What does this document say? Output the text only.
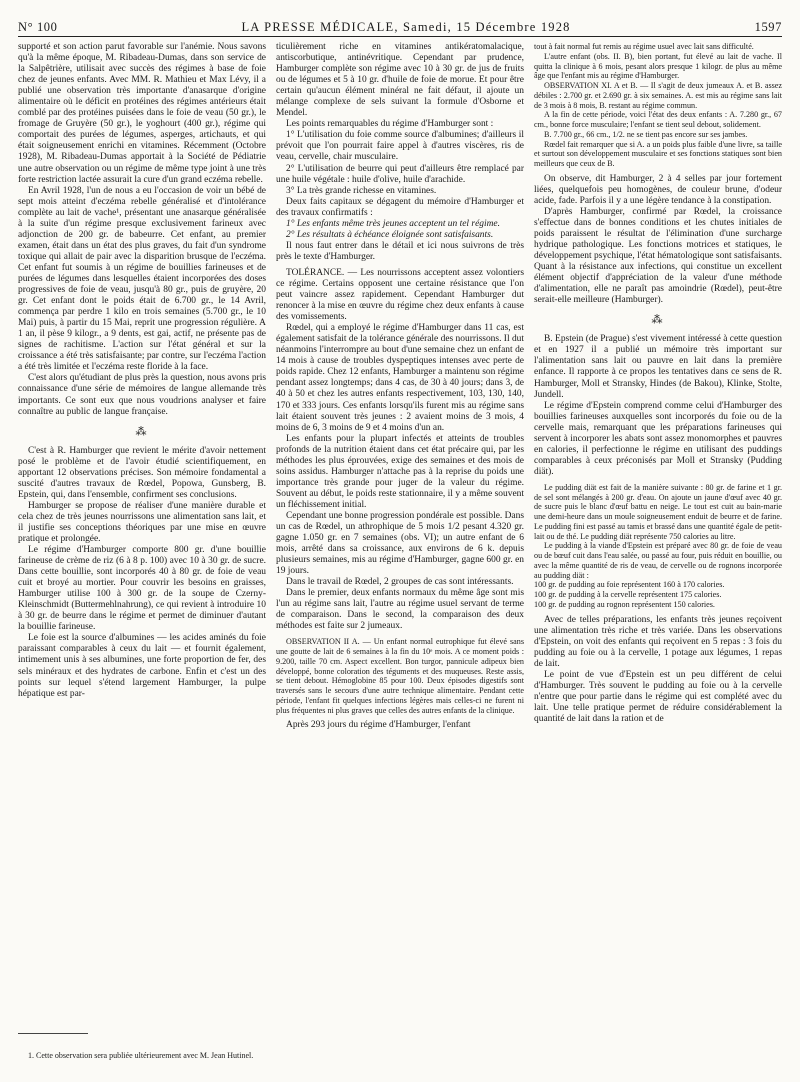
N° 100	LA PRESSE MÉDICALE, Samedi, 15 Décembre 1928	1597

supporté et son action parut favorable sur l'anémie. Nous savons qu'à la même époque, M. Ribadeau-Dumas, dans son service de la Salpêtrière, utilisait avec succès des régimes à base de foie chez de jeunes enfants. Avec MM. R. Mathieu et Max Lévy, il a publié une observation très importante d'anasarque d'origine alimentaire où le déficit en protéines des régimes antérieurs était comblé par des protéines puisées dans le foie de veau (50 gr.), le fromage de Gruyère (50 gr.), le yoghourt (400 gr.), régime qui comportait des purées de légumes, asperges, artichauts, et qui était soigneusement enrichi en vitamines. Récemment (Octobre 1928), M. Ribadeau-Dumas apportait à la Société de Pédiatrie une autre observation ou un régime de même type joint à une très forte restriction lactée assurait la cure d'un grand eczéma rebelle.

En Avril 1928, l'un de nous a eu l'occasion de voir un bébé de sept mois atteint d'eczéma rebelle généralisé et d'intolérance complète au lait de vache¹, présentant une anasarque généralisée à la suite d'un régime presque exclusivement farineux avec adjonction de 200 gr. de babeurre. Cet enfant, au premier examen, était dans un état des plus graves, du fait d'un syndrome toxique qui allait de pair avec la disparition brusque de l'eczéma. Cet enfant fut soumis à un régime de bouillies farineuses et de purées de légumes dans lesquelles étaient incorporées des doses progressives de foie de veau, jusqu'à 80 gr., puis de gruyère, 20 gr. Cet enfant dont le poids était de 6.700 gr., le 14 Avril, commença par perdre 1 kilo en trois semaines (5.700 gr., le 10 Mai) puis, à partir du 15 Mai, reprit une progression régulière. A 1 an, il pèse 9 kilogr., a 9 dents, est gai, actif, ne présente pas de signes de rachitisme. L'action sur l'état général et sur la croissance a été très satisfaisante; par contre, sur l'eczéma l'action a été très limitée et l'eczéma reste floride à la face.

C'est alors qu'étudiant de plus près la question, nous avons pris connaissance d'une série de mémoires de langue allemande très importants. Ce sont eux que nous voudrions analyser et faire connaître au public de langue française.

⁂

C'est à R. Hamburger que revient le mérite d'avoir nettement posé le problème et de l'avoir étudié scientifiquement, en apportant 12 observations précises. Son mémoire fondamental a suscité d'autres travaux de Rœdel, Popowa, Gunsberg, B. Epstein, qui, dans l'ensemble, confirment ses conclusions.

Hamburger se propose de réaliser d'une manière durable et cela chez de très jeunes nourrissons une alimentation sans lait, et il justifie ses conceptions théoriques par une mise en œuvre pratique et prolongée.

Le régime d'Hamburger comporte 800 gr. d'une bouillie farineuse de crème de riz (6 à 8 p. 100) avec 10 à 30 gr. de sucre. Dans cette bouillie, sont incorporés 40 à 80 gr. de foie de veau cuit et broyé au mortier. Pour couvrir les besoins en graisses, Hamburger utilise 100 à 300 gr. de la soupe de Czerny-Kleinschmidt (Buttermehlnahrung), ce qui revient à introduire 10 à 30 gr. de beurre dans le régime et permet de diminuer d'autant la bouillie farineuse.

Le foie est la source d'albumines — les acides aminés du foie paraissant comparables à ceux du lait — et fournit également, intimement unis à ses albumines, une forte proportion de fer, des sels minéraux et des hydrates de carbone. Enfin et c'est un des points sur lequel s'étend largement Hamburger, la pulpe hépatique est par-

1. Cette observation sera publiée ultérieurement avec M. Jean Hutinel.

ticulièrement riche en vitamines antikératomalacique, antiscorbutique, antinévritique. Cependant par prudence, Hamburger complète son régime avec 10 à 30 gr. de jus de fruits ou de légumes et 5 à 10 gr. d'huile de foie de morue. Et pour être certain qu'aucun élément minéral ne fait défaut, il ajoute un mélange complexe de sels suivant la formule d'Osborne et Mendel.

Les points remarquables du régime d'Hamburger sont :

1° L'utilisation du foie comme source d'albumines; d'ailleurs il prévoit que l'on pourrait faire appel à d'autres viscères, ris de veau, cervelle, chair musculaire.

2° L'utilisation de beurre qui peut d'ailleurs être remplacé par une huile végétale : huile d'olive, huile d'arachide.

3° La très grande richesse en vitamines.

Deux faits capitaux se dégagent du mémoire d'Hamburger et des travaux confirmatifs :

1° Les enfants même très jeunes acceptent un tel régime.

2° Les résultats à échéance éloignée sont satisfaisants.

Il nous faut entrer dans le détail et ici nous suivrons de très près le texte d'Hamburger.

TOLÉRANCE. — Les nourrissons acceptent assez volontiers ce régime. Certains opposent une certaine résistance que l'on peut vaincre assez rapidement. Cependant Hamburger dut renoncer à la mise en œuvre du régime chez deux enfants à cause des vomissements.

Rœdel, qui a employé le régime d'Hamburger dans 11 cas, est également satisfait de la tolérance générale des nourrissons. Il dut néanmoins l'interrompre au bout d'une semaine chez un enfant de 14 mois à cause de troubles dyspeptiques intenses avec perte de poids rapide. Chez 12 enfants, Hamburger a maintenu son régime pendant assez longtemps; dans 4 cas, de 30 à 40 jours; dans 3, de 40 à 50 et chez les autres enfants respectivement, 103, 130, 140, 170 et 333 jours. Ces enfants lorsqu'ils furent mis au régime sans lait étaient souvent très jeunes : 2 avaient moins de 3 mois, 4 moins de 6, 3 moins de 9 et 4 moins d'un an.

Les enfants pour la plupart infectés et atteints de troubles profonds de la nutrition étaient dans cet état précaire qui, par les méthodes les plus éprouvées, exige des semaines et des mois de soins assidus. Hamburger n'attache pas à la reprise du poids une importance très grande pour juger de la valeur du régime. Souvent au début, le poids reste stationnaire, il y a même souvent un fléchissement initial.

Cependant une bonne progression pondérale est possible. Dans un cas de Rœdel, un athrophique de 5 mois 1/2 pesant 4.320 gr. gagne 1.050 gr. en 7 semaines (obs. VI); un autre enfant de 6 mois, arrêté dans sa croissance, aux environs de 6 k. depuis plusieurs semaines, mis au régime d'Hamburger, gagne 600 gr. en 19 jours.

Dans le travail de Rœdel, 2 groupes de cas sont intéressants.

Dans le premier, deux enfants normaux du même âge sont mis l'un au régime sans lait, l'autre au régime usuel servant de terme de comparaison. Dans le second, la comparaison des deux méthodes est faite sur 2 jumeaux.

OBSERVATION II A. — Un enfant normal eutrophique fut élevé sans une goutte de lait de 6 semaines à la fin du 10ᵉ mois. A ce moment poids : 9.200, taille 70 cm. Aspect excellent. Bon turgor, pannicule adipeux bien développé, bonne coloration des téguments et des muqueuses. Reste assis, se tient debout. Hémoglobine 85 pour 100. Deux épisodes digestifs sont traversés sans le secours d'une autre technique alimentaire. Pendant cette période, l'enfant fit quelques infections légères mais celles-ci ne furent ni plus fréquentes ni plus graves que celles des autres enfants de la clinique.

Après 293 jours du régime d'Hamburger, l'enfant

tout à fait normal fut remis au régime usuel avec lait sans difficulté.

L'autre enfant (obs. II. B), bien portant, fut élevé au lait de vache. Il quitta la clinique à 6 mois, pesant alors presque 1 kilogr. de plus au même âge que l'enfant mis au régime d'Hamburger.

OBSERVATION XI. A et B. — Il s'agit de deux jumeaux A. et B. assez débiles : 2.700 gr. et 2.690 gr. à six semaines. A. est mis au régime sans lait de 3 mois à 8 mois, B. restant au régime commun.

A la fin de cette période, voici l'état des deux enfants : A. 7.280 gr., 67 cm., bonne force musculaire; l'enfant se tient seul debout, solidement.

B. 7.700 gr., 66 cm., 1/2. ne se tient pas encore sur ses jambes.

Rœdel fait remarquer que si A. a un poids plus faible d'une livre, sa taille et surtout son développement musculaire et ses fonctions statiques sont bien meilleurs que ceux de B.

On observe, dit Hamburger, 2 à 4 selles par jour fortement liées, quelquefois peu homogènes, de couleur brune, d'odeur acide, fade. Parfois il y a une légère tendance à la constipation.

D'après Hamburger, confirmé par Rœdel, la croissance s'effectue dans de bonnes conditions et les chutes initiales de poids paraissent le résultat de l'élimination d'une surcharge hydrique pathologique. Les fonctions motrices et statiques, le développement psychique, l'état hématologique sont satisfaisants. Quant à la résistance aux infections, qui constitue un excellent élément objectif d'appréciation de la valeur d'une méthode d'alimentation, elle ne paraît pas amoindrie (Rœdel), peut-être serait-elle meilleure (Hamburger).

⁂

B. Epstein (de Prague) s'est vivement intéressé à cette question et en 1927 il a publié un mémoire très important sur l'alimentation sans lait ou pauvre en lait dans la première enfance. Il rapporte à ce propos les tentatives dans ce sens de R. Hamburger, Moll et Stransky, Hindes (de Bakou), Klinke, Stolte, Jundell.

Le régime d'Epstein comprend comme celui d'Hamburger des bouillies farineuses auxquelles sont incorporés du foie ou de la cervelle mais, remarquant que les préparations farineuses qui servent à incorporer les abats sont assez monomorphes et pauvres en calories, il perfectionne le régime en utilisant des puddings comparables à ceux préconisés par Moll et Stransky (Pudding diät).

Le pudding diät est fait de la manière suivante : 80 gr. de farine et 1 gr. de sel sont mélangés à 200 gr. d'eau. On ajoute un jaune d'œuf avec 40 gr. de sucre puis le blanc d'œuf battu en neige. Le tout est cuit au bain-marie une demi-heure dans un moule soigneusement enduit de beurre et de farine. Le pudding fini est passé au tamis et brassé dans une quantité égale de petit-lait ou de thé. Le pudding diät représente 750 calories au litre.

Le pudding à la viande d'Epstein est préparé avec 80 gr. de foie de veau ou de bœuf cuit dans l'eau salée, ou passé au four, puis réduit en bouillie, ou avec la même quantité de ris de veau, de cervelle ou de rognons incorporée au pudding diät :

100 gr. de pudding au foie représentent 160 à 170 calories.

100 gr. de pudding à la cervelle représentent 175 calories.

100 gr. de pudding au rognon représentent 150 calories.

Avec de telles préparations, les enfants très jeunes reçoivent une alimentation très riche et très variée. Dans les observations d'Epstein, on voit des enfants qui reçoivent en 5 repas : 3 fois du pudding au foie ou à la cervelle, 1 potage aux légumes, 1 repas de lait.

Le point de vue d'Epstein est un peu différent de celui d'Hamburger. Très souvent le pudding au foie ou à la cervelle n'entre que pour partie dans le régime qui est complété avec du lait. Une telle pratique permet de réduire considérablement la quantité de lait dans la ration et de
